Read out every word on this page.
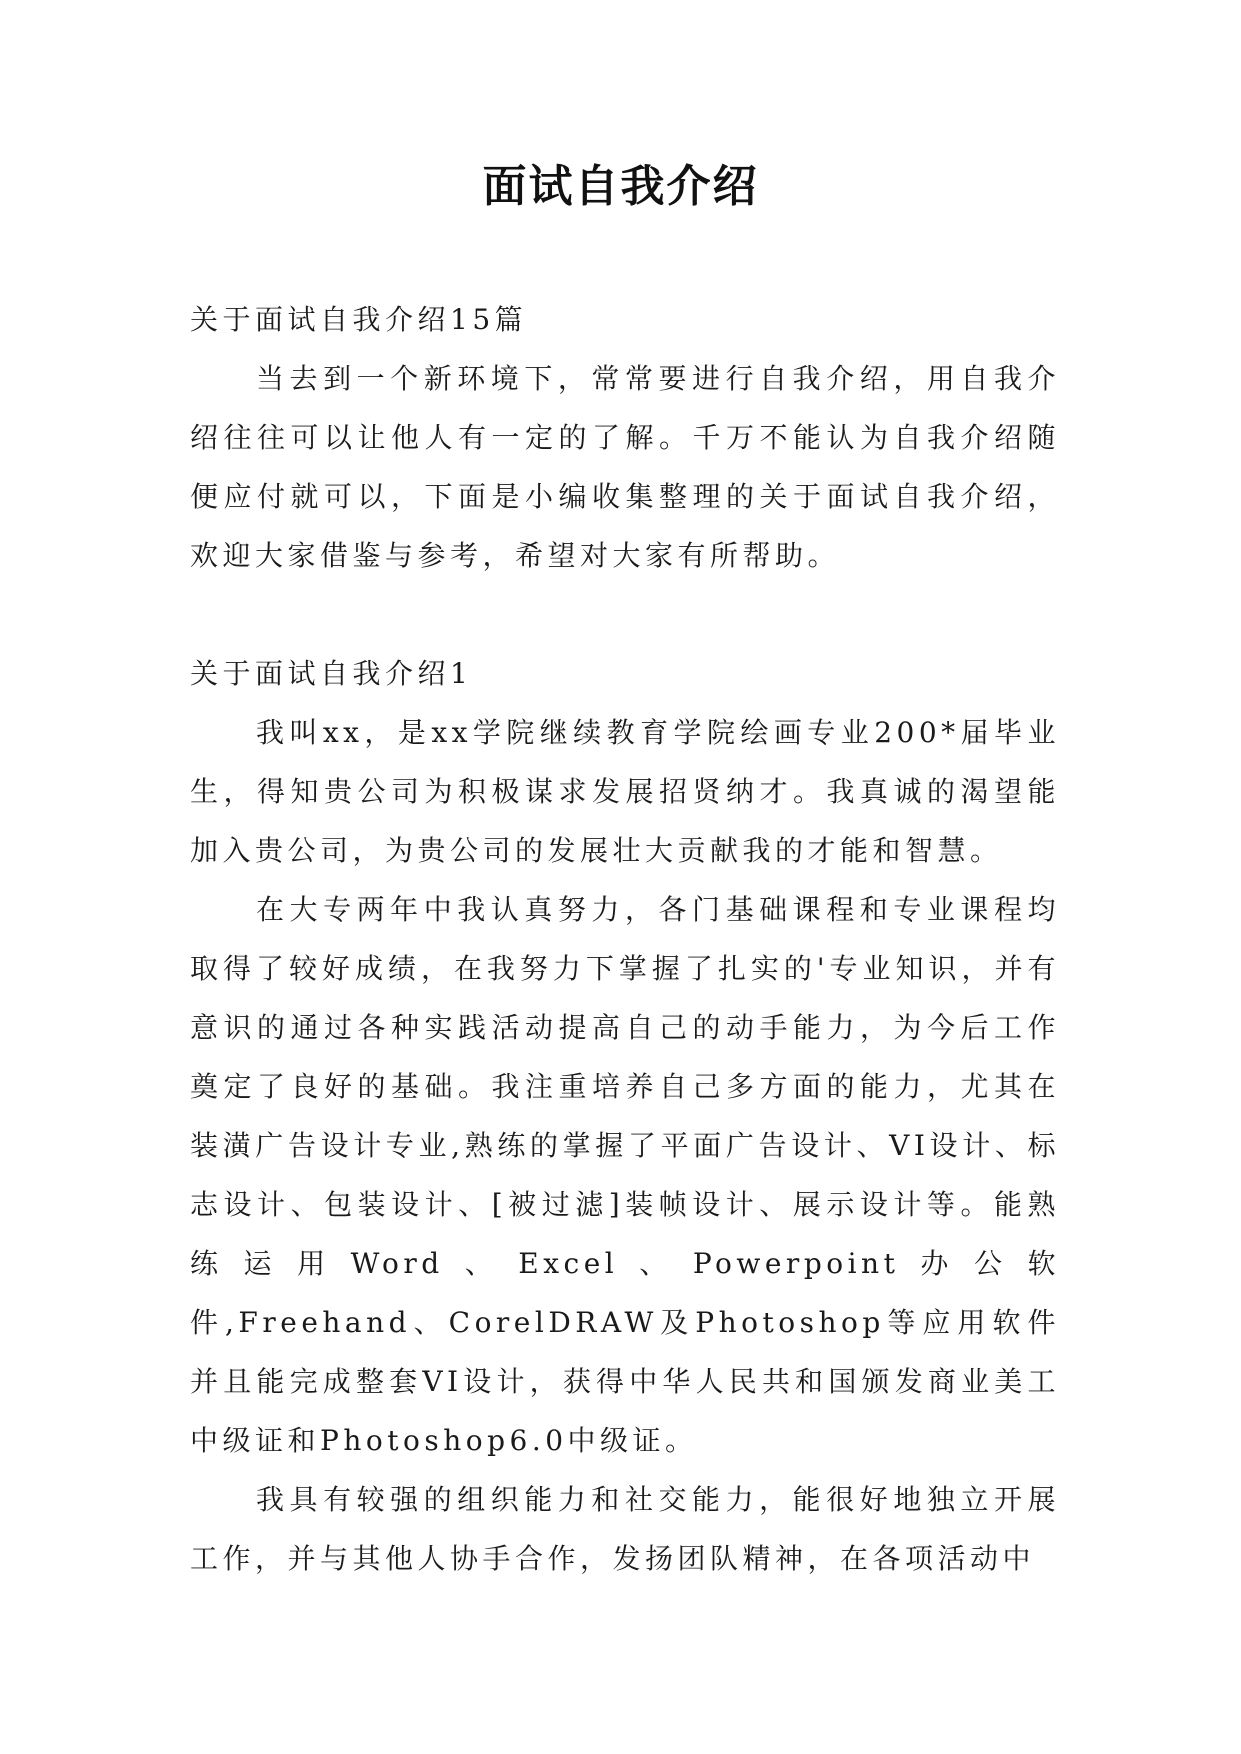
面试自我介绍

关于面试自我介绍15篇

当去到一个新环境下，常常要进行自我介绍，用自我介绍往往可以让他人有一定的了解。千万不能认为自我介绍随便应付就可以，下面是小编收集整理的关于面试自我介绍，欢迎大家借鉴与参考，希望对大家有所帮助。

关于面试自我介绍1

我叫xx，是xx学院继续教育学院绘画专业200*届毕业生，得知贵公司为积极谋求发展招贤纳才。我真诚的渴望能加入贵公司，为贵公司的发展壮大贡献我的才能和智慧。

在大专两年中我认真努力，各门基础课程和专业课程均取得了较好成绩，在我努力下掌握了扎实的'专业知识，并有意识的通过各种实践活动提高自己的动手能力，为今后工作奠定了良好的基础。我注重培养自己多方面的能力，尤其在装潢广告设计专业,熟练的掌握了平面广告设计、VI设计、标志设计、包装设计、[被过滤]装帧设计、展示设计等。能熟练运用Word、Excel、Powerpoint办公软件,Freehand、CorelDRAW及Photoshop等应用软件并且能完成整套VI设计，获得中华人民共和国颁发商业美工中级证和Photoshop6.0中级证。

我具有较强的组织能力和社交能力，能很好地独立开展工作，并与其他人协手合作，发扬团队精神，在各项活动中
